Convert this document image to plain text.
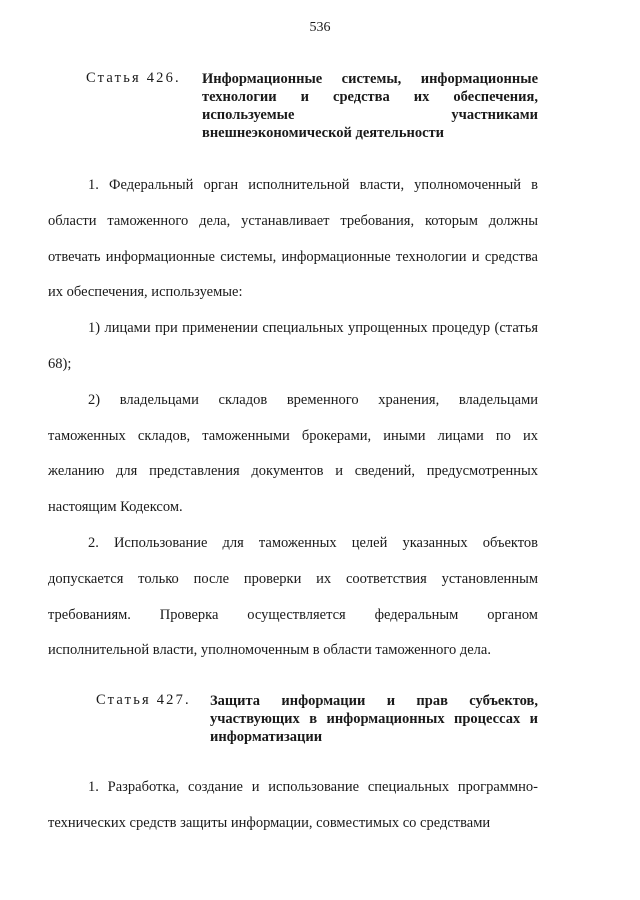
536
Статья 426.	Информационные системы, информационные технологии и средства их обеспечения, используемые участниками внешнеэкономической деятельности

1. Федеральный орган исполнительной власти, уполномоченный в области таможенного дела, устанавливает требования, которым должны отвечать информационные системы, информационные технологии и средства их обеспечения, используемые:

1) лицами при применении специальных упрощенных процедур (статья 68);

2) владельцами складов временного хранения, владельцами таможенных складов, таможенными брокерами, иными лицами по их желанию для представления документов и сведений, предусмотренных настоящим Кодексом.

2. Использование для таможенных целей указанных объектов допускается только после проверки их соответствия установленным требованиям. Проверка осуществляется федеральным органом исполнительной власти, уполномоченным в области таможенного дела.

Статья 427.	Защита информации и прав субъектов, участвующих в информационных процессах и информатизации

1. Разработка, создание и использование специальных программно-технических средств защиты информации, совместимых со средствами
